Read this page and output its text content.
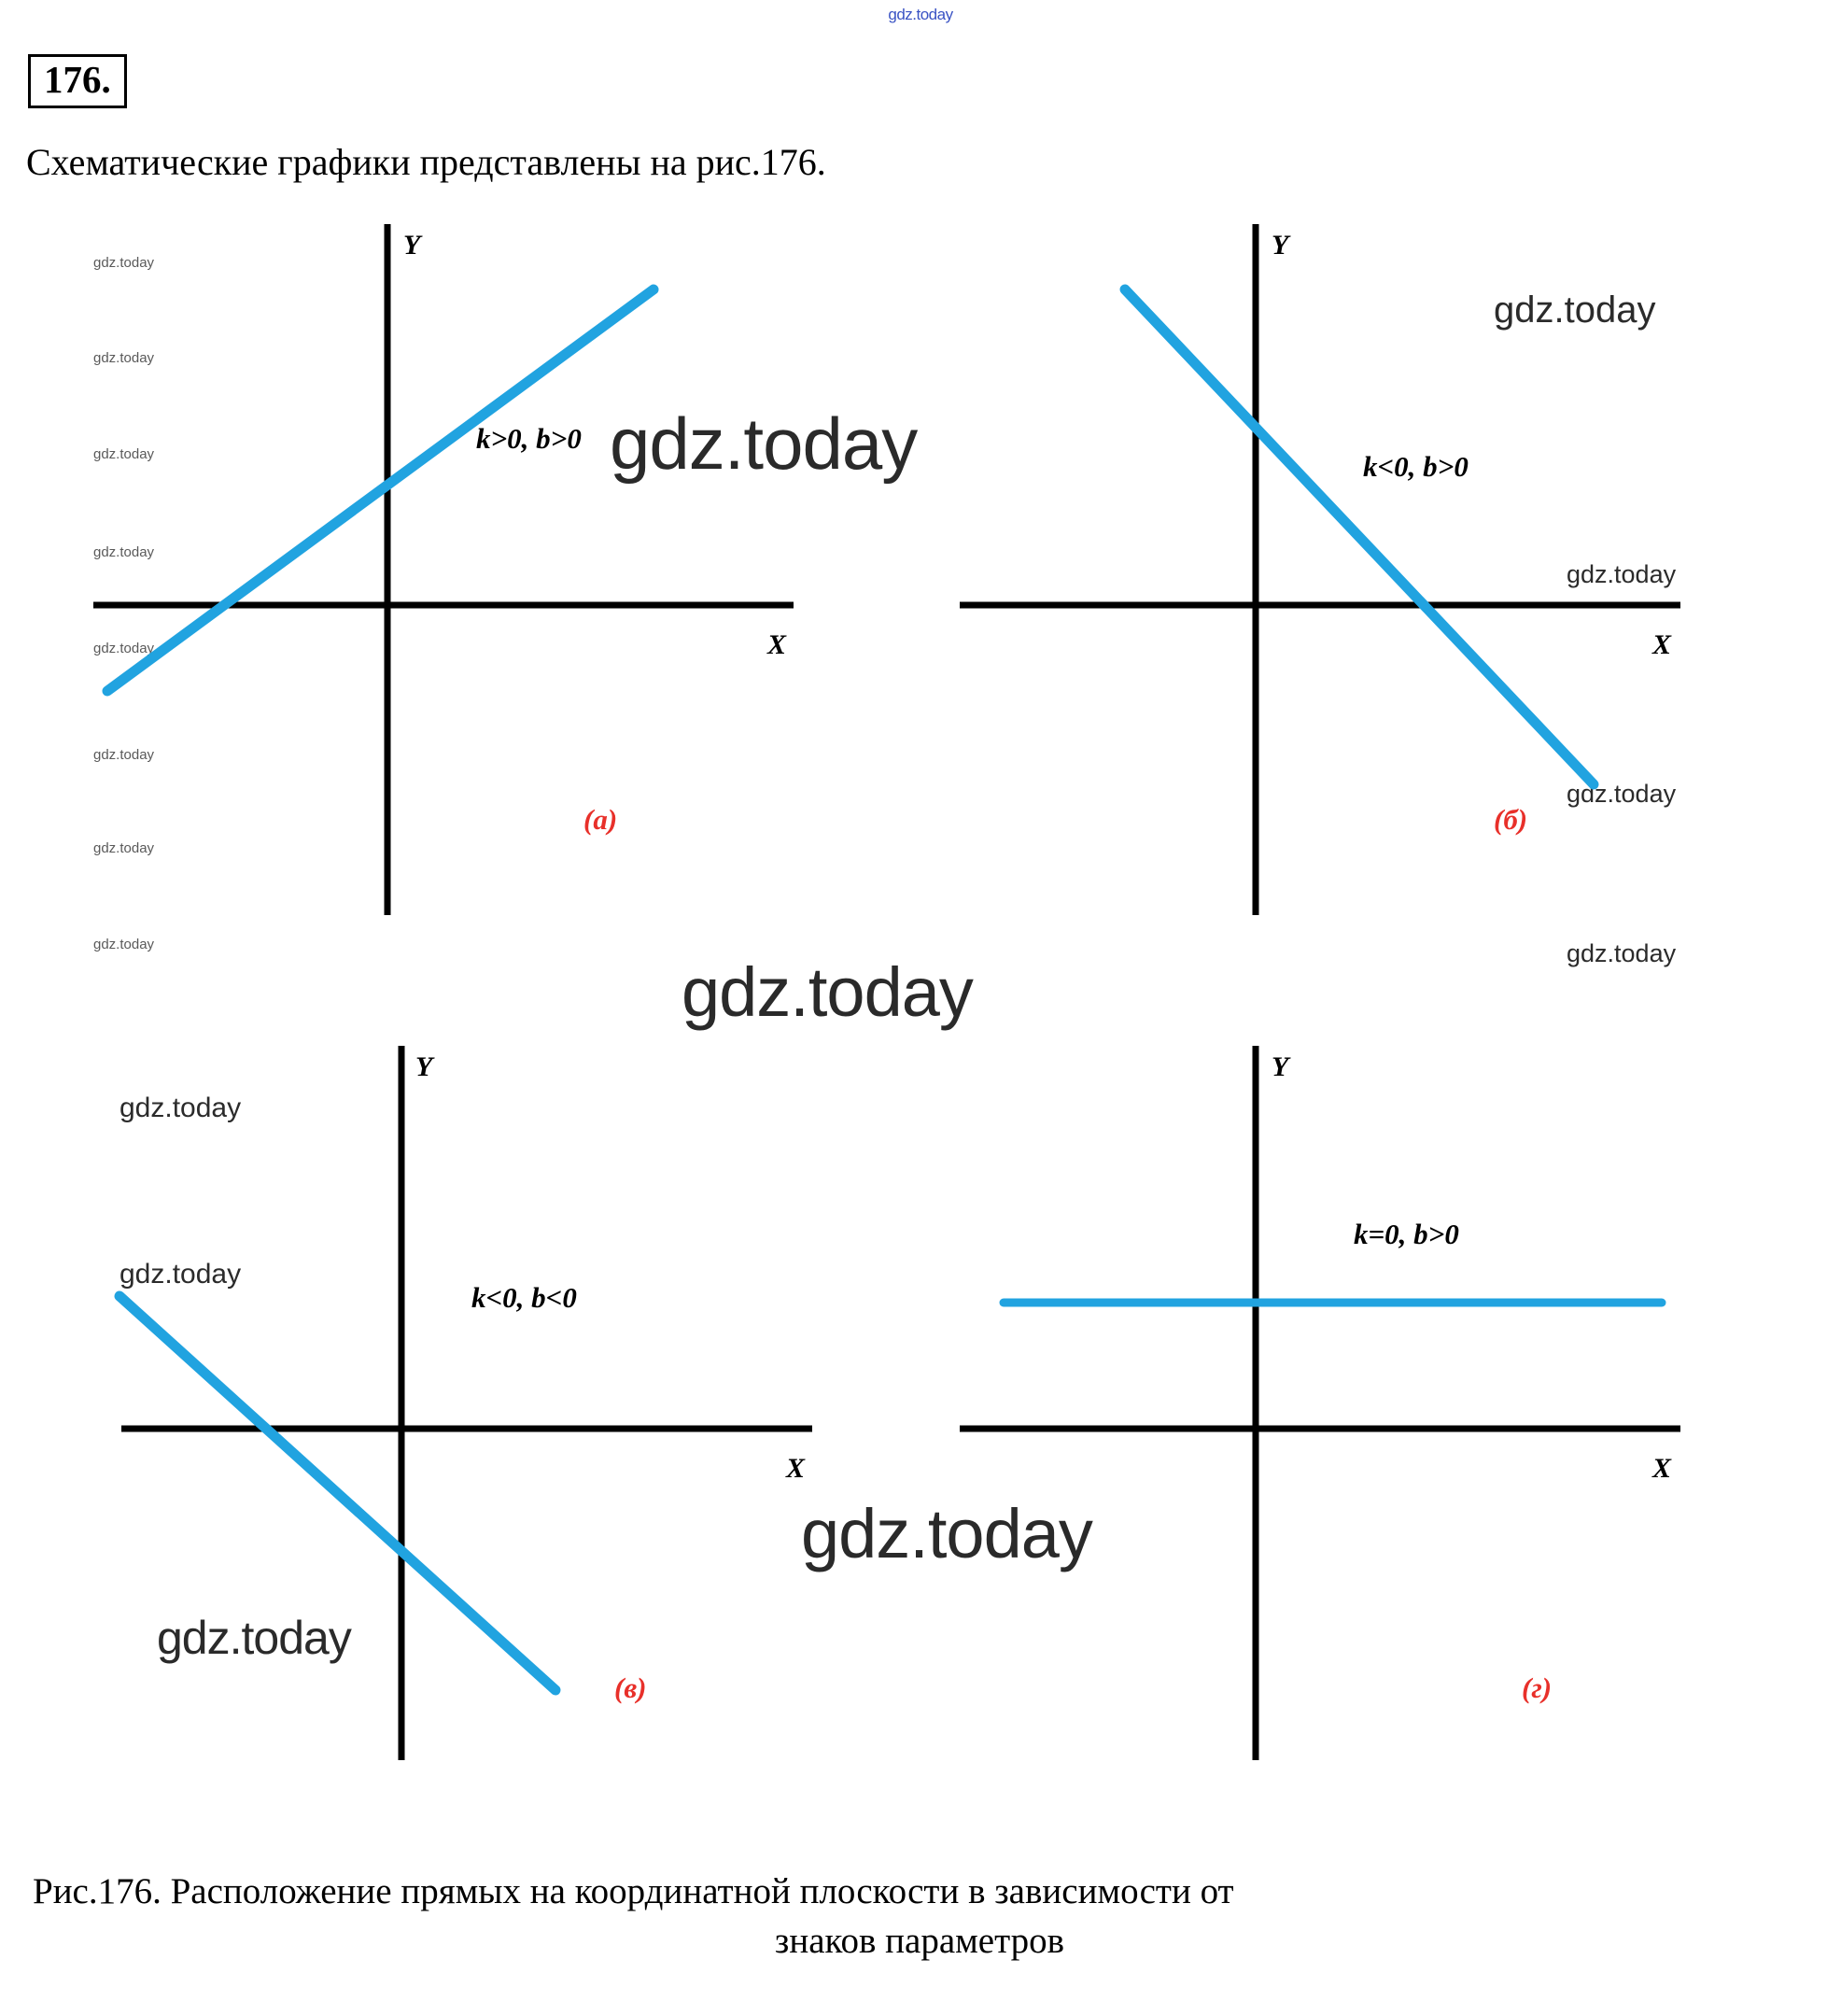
gdz.today
176.
Схематические графики представлены на рис.176.
gdz.today
gdz.today
gdz.today
gdz.today
gdz.today
gdz.today
gdz.today
gdz.today
gdz.today
gdz.today
gdz.today
gdz.today
gdz.today
gdz.today
gdz.today
gdz.today
gdz.today
gdz.today
Y
X
k>0, b>0
(а)
Y
X
k<0, b>0
(б)
Y
X
k<0, b<0
(в)
Y
X
k=0, b>0
(г)
Рис.176. Расположение прямых на координатной плоскости в зависимости от
знаков параметров
